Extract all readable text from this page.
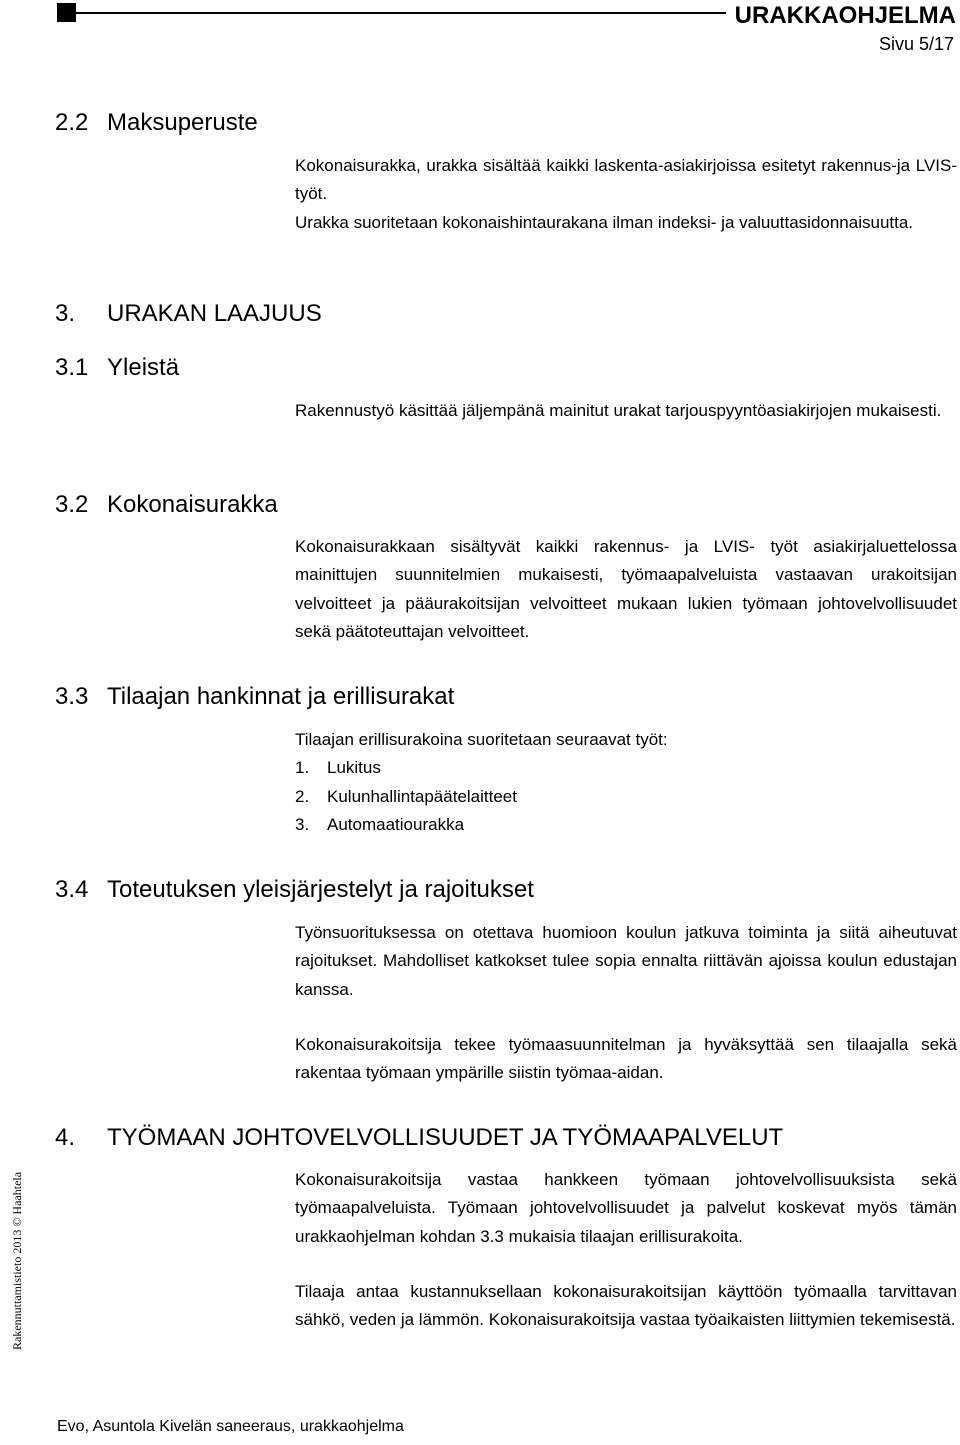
URAKKAOHJELMA
Sivu 5/17
2.2 Maksuperuste

Kokonaisurakka, urakka sisältää kaikki laskenta-asiakirjoissa esitetyt rakennus-ja LVIS- työt.

Urakka suoritetaan kokonaishintaurakana ilman indeksi- ja valuuttasidonnaisuutta.

3. URAKAN LAAJUUS
3.1 Yleistä

Rakennustyö käsittää jäljempänä mainitut urakat tarjouspyyntöasiakirjojen mukaisesti.

3.2 Kokonaisurakka

Kokonaisurakkaan sisältyvät kaikki rakennus- ja LVIS- työt asiakirjaluettelossa mainittujen suunnitelmien mukaisesti, työmaapalveluista vastaavan urakoitsijan velvoitteet ja pääurakoitsijan velvoitteet mukaan lukien työmaan johtovelvollisuudet sekä päätoteuttajan velvoitteet.

3.3 Tilaajan hankinnat ja erillisurakat

Tilaajan erillisurakoina suoritetaan seuraavat työt:

1. Lukitus
2. Kulunhallintapäätelaitteet
3. Automaatiourakka
3.4 Toteutuksen yleisjärjestelyt ja rajoitukset

Työnsuorituksessa on otettava huomioon koulun jatkuva toiminta ja siitä aiheutuvat rajoitukset. Mahdolliset katkokset tulee sopia ennalta riittävän ajoissa koulun edustajan kanssa.

Kokonaisurakoitsija tekee työmaasuunnitelman ja hyväksyttää sen tilaajalla sekä rakentaa työmaan ympärille siistin työmaa-aidan.

4. TYÖMAAN JOHTOVELVOLLISUUDET JA TYÖMAAPALVELUT

Kokonaisurakoitsija vastaa hankkeen työmaan johtovelvollisuuksista sekä työmaapalveluista. Työmaan johtovelvollisuudet ja palvelut koskevat myös tämän urakkaohjelman kohdan 3.3 mukaisia tilaajan erillisurakoita.

Tilaaja antaa kustannuksellaan kokonaisurakoitsijan käyttöön työmaalla tarvittavan sähkö, veden ja lämmön. Kokonaisurakoitsija vastaa työaikaisten liittymien tekemisestä.

Rakennuttamistieto 2013 © Haahtela
Evo, Asuntola Kivelän saneeraus, urakkaohjelma
